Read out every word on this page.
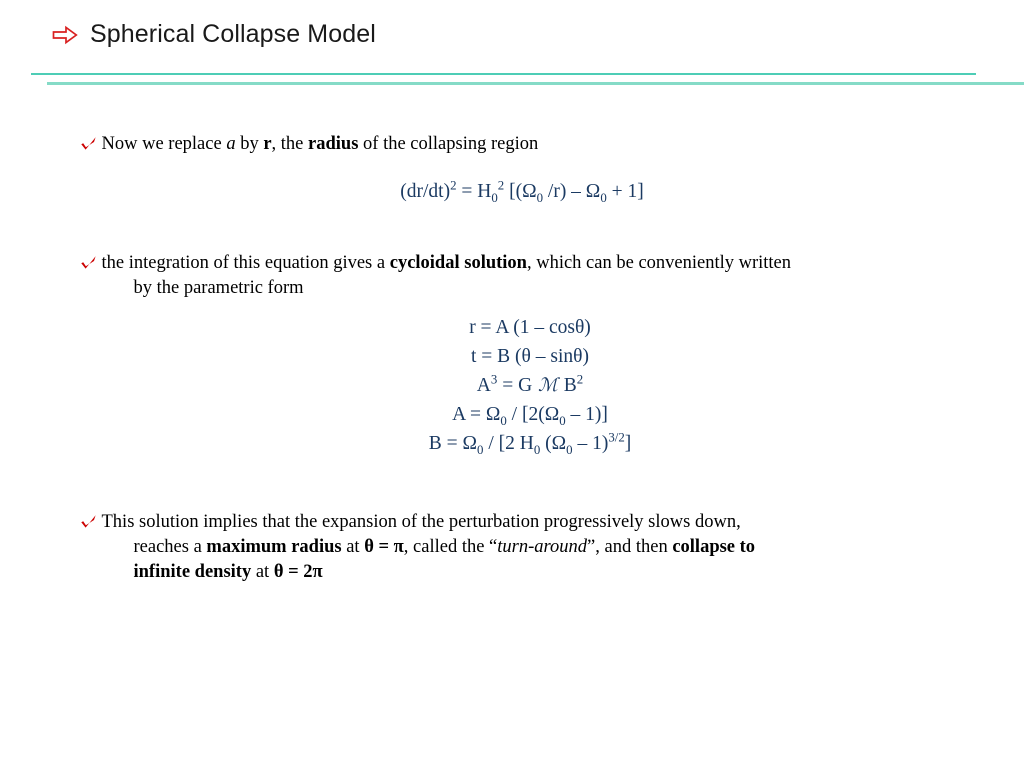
Spherical Collapse Model
Now we replace a by r, the radius of the collapsing region
$(dr/dt)^2 = H_0^2$ [($\Omega_0$ $/r) - \Omega_0 + 1$]
the integration of this equation gives a cycloidal solution, which can be conveniently written
by the parametric form
r = A (1 – cosθ)
t = B (θ – sinθ)
$A^3 = G$ ℳ $B^2$
$A = \Omega_0 / [2(\Omega_0 - 1)]$
$B = \Omega_0 / [2$ $H_0$ $(\Omega_0 - 1)^{3/2}$]
This solution implies that the expansion of the perturbation progressively slows down,
reaches a maximum radius at θ = π, called the “turn-around”, and then collapse to
infinite density at θ = 2π
